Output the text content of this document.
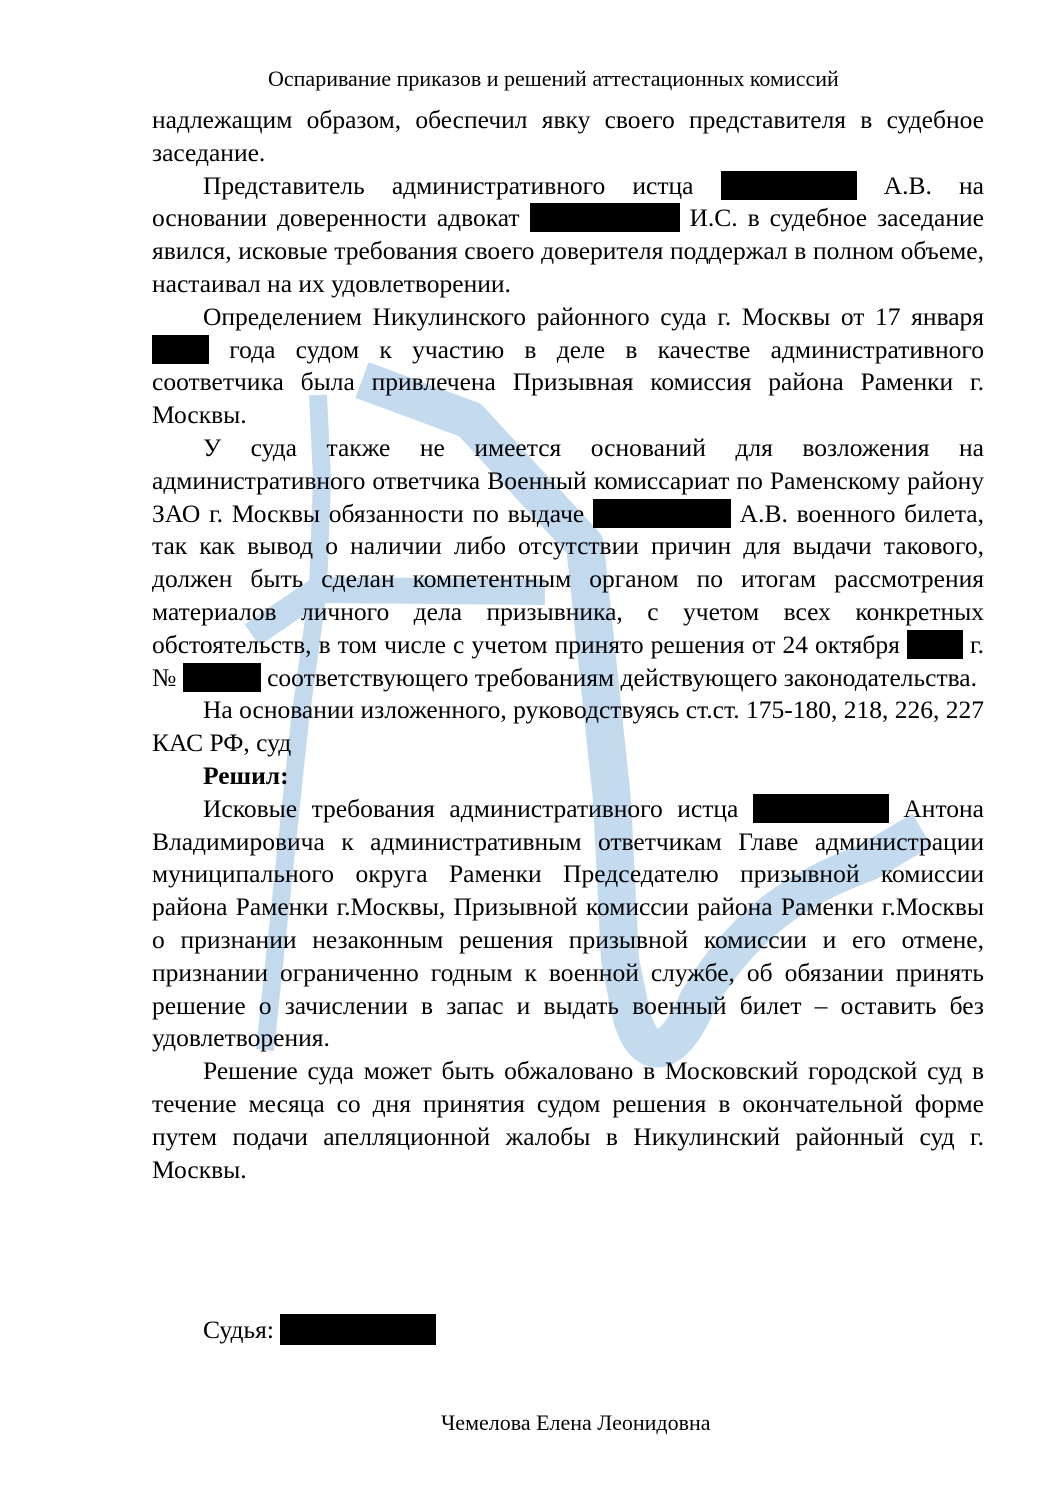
Оспаривание приказов и решений аттестационных комиссий

надлежащим образом, обеспечил явку своего представителя в судебное заседание.

Представитель административного истца	А.В. на основании доверенности адвокат	И.С. в судебное заседание явился, исковые требования своего доверителя поддержал в полном объеме, настаивал на их удовлетворении.

Определением Никулинского районного суда г. Москвы от 17 января  года судом к участию в деле в качестве административного соответчика была привлечена Призывная комиссия района Раменки г. Москвы.

У суда также не имеется оснований для возложения на административного ответчика Военный комиссариат по Раменскому району ЗАО г. Москвы обязанности по выдаче	А.В. военного билета, так как вывод о наличии либо отсутствии причин для выдачи такового, должен быть сделан компетентным органом по итогам рассмотрения материалов личного дела призывника, с учетом всех конкретных обстоятельств, в том числе с учетом принято решения от 24 октября  г. №	соответствующего требованиям действующего законодательства.

На основании изложенного, руководствуясь ст.ст. 175-180, 218, 226, 227 КАС РФ, суд

Решил:

Исковые требования административного истца	Антона Владимировича к административным ответчикам Главе администрации муниципального округа Раменки Председателю призывной комиссии района Раменки г.Москвы, Призывной комиссии района Раменки г.Москвы о признании незаконным решения призывной комиссии и его отмене, признании ограниченно годным к военной службе, об обязании принять решение о зачислении в запас и выдать военный билет – оставить без удовлетворения.

Решение суда может быть обжаловано в Московский городской суд в течение месяца со дня принятия судом решения в окончательной форме путем подачи апелляционной жалобы в Никулинский районный суд г. Москвы.

Судья:
Чемелова Елена Леонидовна
